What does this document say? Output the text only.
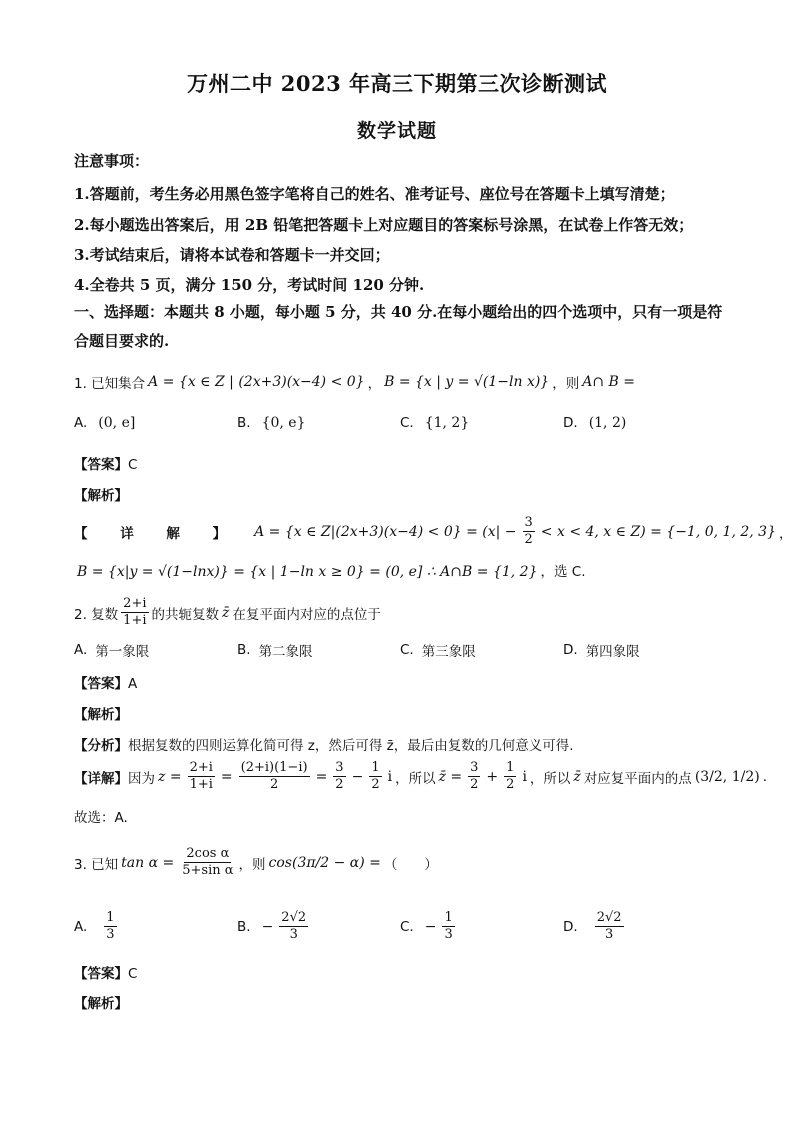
万州二中 2023 年高三下期第三次诊断测试
数学试题
注意事项：
1.答题前，考生务必用黑色签字笔将自己的姓名、准考证号、座位号在答题卡上填写清楚；
2.每小题选出答案后，用 2B 铅笔把答题卡上对应题目的答案标号涂黑，在试卷上作答无效；
3.考试结束后，请将本试卷和答题卡一并交回；
4.全卷共 5 页，满分 150 分，考试时间 120 分钟.
一、选择题：本题共 8 小题，每小题 5 分，共 40 分.在每小题给出的四个选项中，只有一项是符合题目要求的.
1. 已知集合 A = {x ∈ Z | (2x+3)(x−4) < 0} ， B = {x | y = √(1−ln x)} ，则 A∩ B =
A. (0, e]	B. {0, e}	C. {1, 2}	D. (1, 2)
【答案】C
【解析】
【 详 解 】 A = {x ∈ $Z|(2x+3)(x-4) < 0\} = (x| - \frac{3}{2} < x < 4$, x ∈ Z) = {−1, 0, 1, 2, 3} ，
B = {x|y = √(1−lnx)} = {x | 1−ln x ≥ 0} = (0, e] ∴ A∩B = {1, 2} ，选 C.
2. 复数 $\frac{2+i}{1+i}$ 的共轭复数 z̄ 在复平面内对应的点位于
A. 第一象限	B. 第二象限	C. 第三象限	D. 第四象限
【答案】A
【解析】
【分析】根据复数的四则运算化简可得 z，然后可得 z̄，最后由复数的几何意义可得.
【详解】 因为 $z = \frac{2+i}{1+i} = \frac{(2+i)(1-i)}{2} = \frac{3}{2} - \frac{1}{2}$ i ，所以 z̄ = $\frac{3}{2} + \frac{1}{2}$ i ，所以 z̄ 对应复平面内的点 (3/2, 1/2) .
故选：A.
3. 已知 $\tan \alpha = \frac{\text{2cos α}}{\text{5+sin α}}$ ，则 cos(3π/2 − α) = （　　）
A. $\frac{1}{3}$	B. − $\frac{2√2}{3}$	C. − $\frac{1}{3}$	D. $\frac{2√2}{3}$
【答案】C
【解析】
